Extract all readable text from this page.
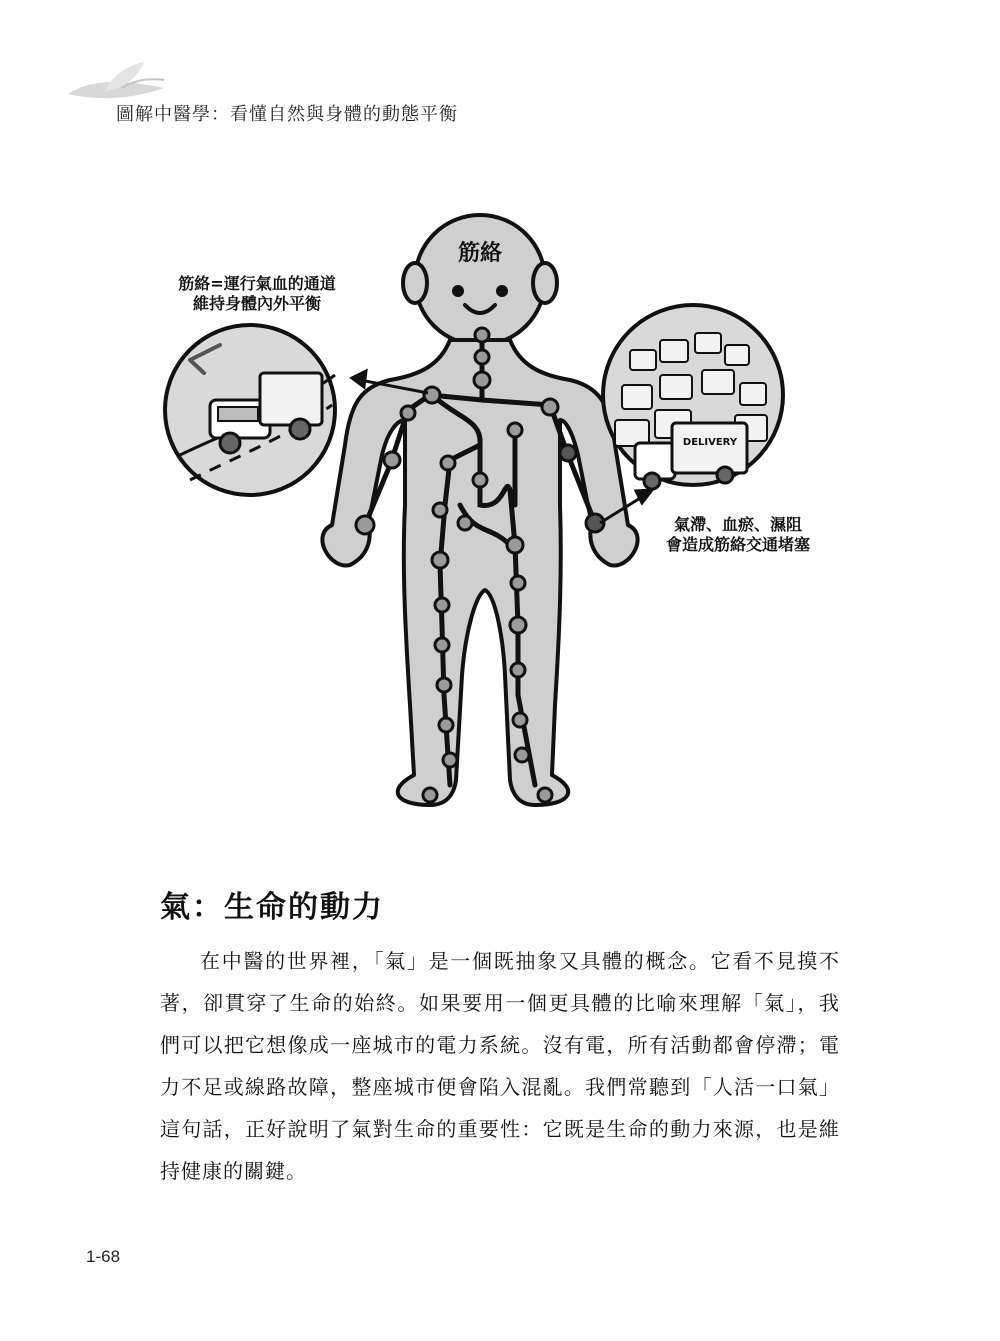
圖解中醫學：看懂自然與身體的動態平衡
筋絡
筋絡=運行氣血的通道
維持身體內外平衡
DELIVERY
氣滯、血瘀、濕阻
會造成筋絡交通堵塞
氣：生命的動力

在中醫的世界裡，「氣」是一個既抽象又具體的概念。它看不見摸不著，卻貫穿了生命的始終。如果要用一個更具體的比喻來理解「氣」，我們可以把它想像成一座城市的電力系統。沒有電，所有活動都會停滯；電力不足或線路故障，整座城市便會陷入混亂。我們常聽到「人活一口氣」這句話，正好說明了氣對生命的重要性：它既是生命的動力來源，也是維持健康的關鍵。

1-68
